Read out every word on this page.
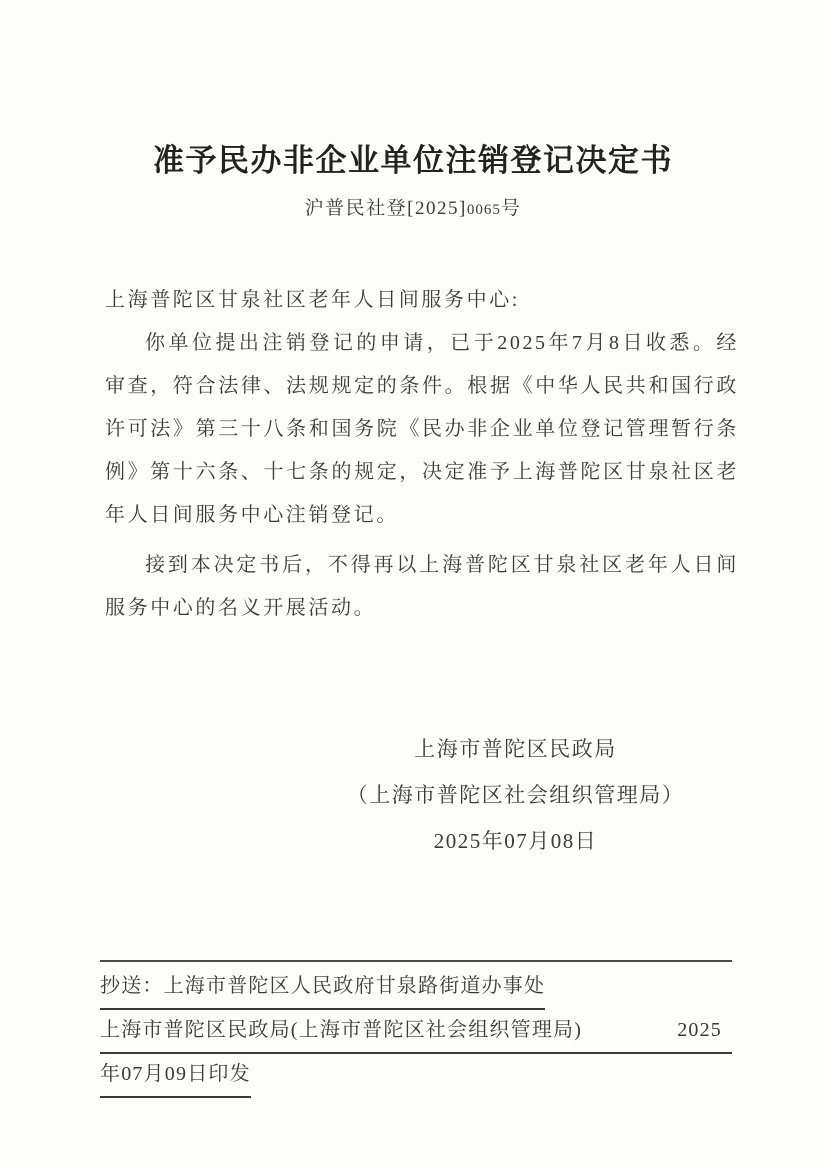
准予民办非企业单位注销登记决定书
沪普民社登[2025]0065号
上海普陀区甘泉社区老年人日间服务中心:

你单位提出注销登记的申请，已于2025年7月8日收悉。经审查，符合法律、法规规定的条件。根据《中华人民共和国行政许可法》第三十八条和国务院《民办非企业单位登记管理暂行条例》第十六条、十七条的规定，决定准予上海普陀区甘泉社区老年人日间服务中心注销登记。

接到本决定书后，不得再以上海普陀区甘泉社区老年人日间服务中心的名义开展活动。

上海市普陀区民政局
（上海市普陀区社会组织管理局）
2025年07月08日
抄送：上海市普陀区人民政府甘泉路街道办事处
上海市普陀区民政局(上海市普陀区社会组织管理局)	2025
年07月09日印发
